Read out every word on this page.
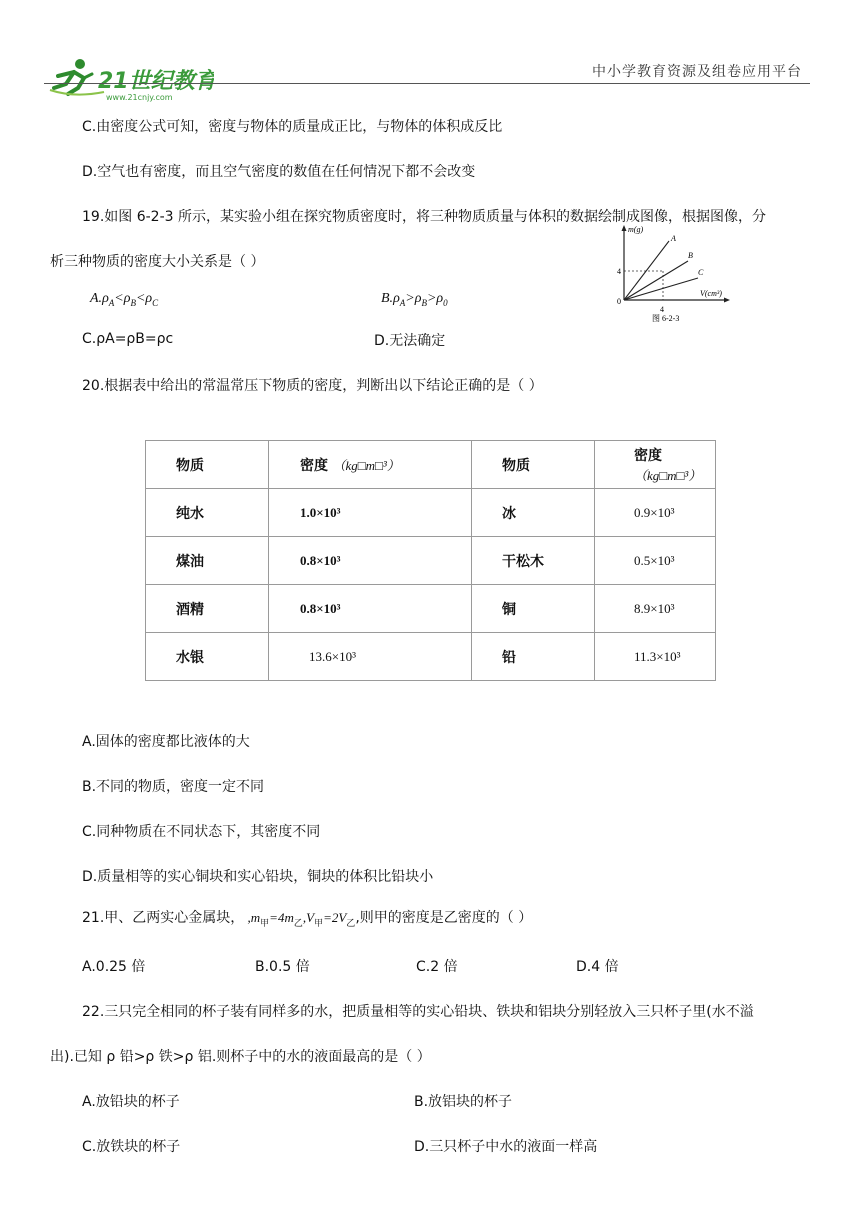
21世纪教育
www.21cnjy.com
中小学教育资源及组卷应用平台
C.由密度公式可知，密度与物体的质量成正比，与物体的体积成反比
D.空气也有密度，而且空气密度的数值在任何情况下都不会改变
19.如图 6-2-3 所示，某实验小组在探究物质密度时，将三种物质质量与体积的数据绘制成图像，根据图像，分
析三种物质的密度大小关系是（ ）
$A.\rho_A<\rho_B<\rho_C$	$B.\rho_A>\rho_B>\rho_0$
C.ρA=ρB=ρc	D.无法确定
m(g)
V(cm³)
0
4
4
A
B
C
图 6-2-3
20.根据表中给出的常温常压下物质的密度，判断出以下结论正确的是（ ）
物质	密度 （kg□m□³）	物质	密度 （kg□m□³）
纯水	1.0×10³	冰	0.9×10³
煤油	0.8×10³	干松木	0.5×10³
酒精	0.8×10³	铜	8.9×10³
水银	13.6×10³	铅	11.3×10³
A.固体的密度都比液体的大
B.不同的物质，密度一定不同
C.同种物质在不同状态下，其密度不同
D.质量相等的实心铜块和实心铅块，铜块的体积比铅块小
21.甲、乙两实心金属块， $,m_甲=4m_乙,V_甲=2V_乙$,则甲的密度是乙密度的（ ）
A.0.25 倍	B.0.5 倍	C.2 倍	D.4 倍
22.三只完全相同的杯子装有同样多的水，把质量相等的实心铅块、铁块和铝块分别轻放入三只杯子里(水不溢
出).已知 ρ 铅>ρ 铁>ρ 铝.则杯子中的水的液面最高的是（ ）
A.放铅块的杯子	B.放铝块的杯子
C.放铁块的杯子	D.三只杯子中水的液面一样高
